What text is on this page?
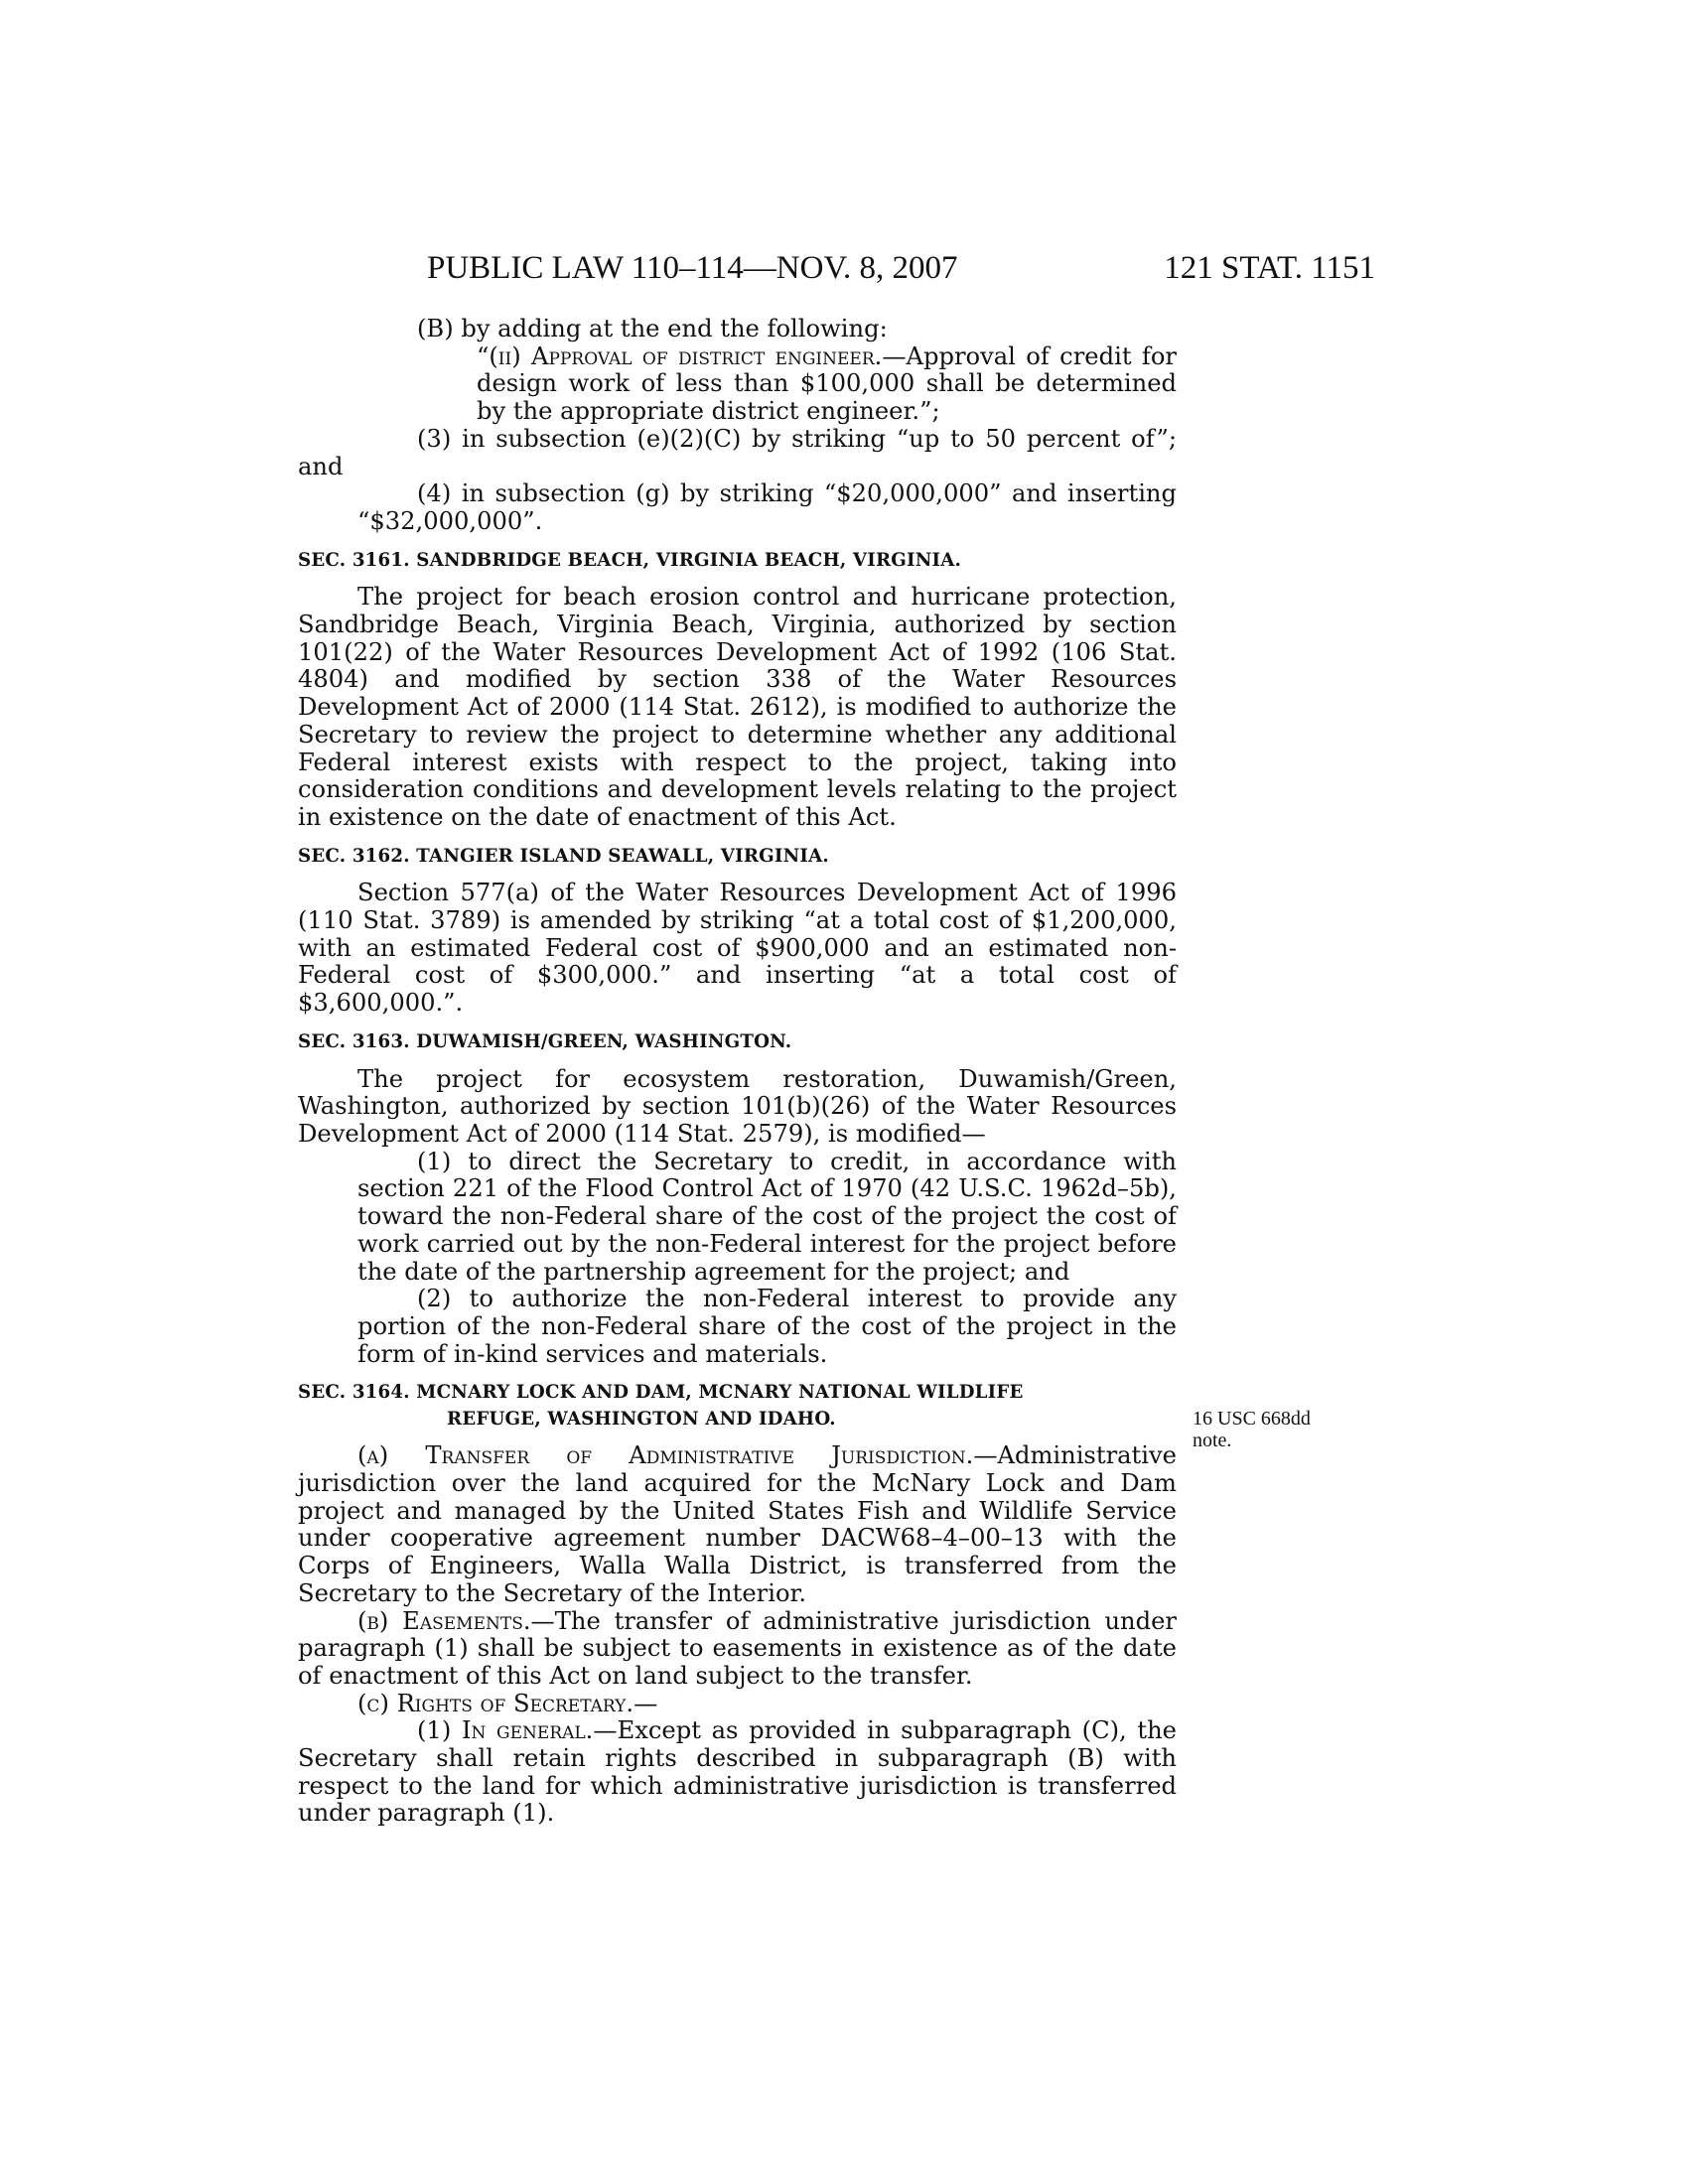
PUBLIC LAW 110–114—NOV. 8, 2007	121 STAT. 1151

(B) by adding at the end the following:

“(ii) Approval of district engineer.—Approval of credit for design work of less than $100,000 shall be determined by the appropriate district engineer.”;

(3) in subsection (e)(2)(C) by striking “up to 50 percent of”; and

(4) in subsection (g) by striking “$20,000,000” and inserting “$32,000,000”.

SEC. 3161. SANDBRIDGE BEACH, VIRGINIA BEACH, VIRGINIA.

The project for beach erosion control and hurricane protection, Sandbridge Beach, Virginia Beach, Virginia, authorized by section 101(22) of the Water Resources Development Act of 1992 (106 Stat. 4804) and modified by section 338 of the Water Resources Development Act of 2000 (114 Stat. 2612), is modified to authorize the Secretary to review the project to determine whether any additional Federal interest exists with respect to the project, taking into consideration conditions and development levels relating to the project in existence on the date of enactment of this Act.

SEC. 3162. TANGIER ISLAND SEAWALL, VIRGINIA.

Section 577(a) of the Water Resources Development Act of 1996 (110 Stat. 3789) is amended by striking “at a total cost of $1,200,000, with an estimated Federal cost of $900,000 and an estimated non-Federal cost of $300,000.” and inserting “at a total cost of $3,600,000.”.

SEC. 3163. DUWAMISH/GREEN, WASHINGTON.

The project for ecosystem restoration, Duwamish/Green, Washington, authorized by section 101(b)(26) of the Water Resources Development Act of 2000 (114 Stat. 2579), is modified—

(1) to direct the Secretary to credit, in accordance with section 221 of the Flood Control Act of 1970 (42 U.S.C. 1962d–5b), toward the non-Federal share of the cost of the project the cost of work carried out by the non-Federal interest for the project before the date of the partnership agreement for the project; and

(2) to authorize the non-Federal interest to provide any portion of the non-Federal share of the cost of the project in the form of in-kind services and materials.

SEC. 3164. MCNARY LOCK AND DAM, MCNARY NATIONAL WILDLIFE
REFUGE, WASHINGTON AND IDAHO.

(a) Transfer of Administrative Jurisdiction.—Administrative jurisdiction over the land acquired for the McNary Lock and Dam project and managed by the United States Fish and Wildlife Service under cooperative agreement number DACW68–4–00–13 with the Corps of Engineers, Walla Walla District, is transferred from the Secretary to the Secretary of the Interior.

(b) Easements.—The transfer of administrative jurisdiction under paragraph (1) shall be subject to easements in existence as of the date of enactment of this Act on land subject to the transfer.

(c) Rights of Secretary.—

(1) In general.—Except as provided in subparagraph (C), the Secretary shall retain rights described in subparagraph (B) with respect to the land for which administrative jurisdiction is transferred under paragraph (1).

16 USC 668dd
note.
